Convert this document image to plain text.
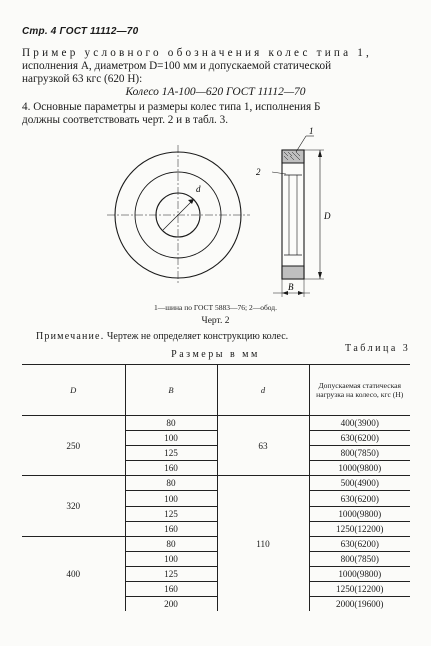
Стр. 4 ГОСТ 11112—70
Пример условного обозначения колес типа 1,
исполнения А, диаметром D=100 мм и допускаемой статической
нагрузкой 63 кгс (620 Н):
Колесо 1А-100—620 ГОСТ 11112—70
4. Основные параметры и размеры колес типа 1, исполнения Б
должны соответствовать черт. 2 и в табл. 3.
d
D
B
1
2
1—шина по ГОСТ 5883—76; 2—обод.
Черт. 2
Примечание. Чертеж не определяет конструкцию колес.
Таблица 3
Размеры в мм
D	B	d	Допускаемая статическая нагрузка на колесо, кгс (Н)
250	80	63	400(3900)
	100		630(6200)
	125		800(7850)
	160		1000(9800)
320	80	110	500(4900)
	100		630(6200)
	125		1000(9800)
	160		1250(12200)
400	80		630(6200)
	100		800(7850)
	125		1000(9800)
	160		1250(12200)
	200		2000(19600)
